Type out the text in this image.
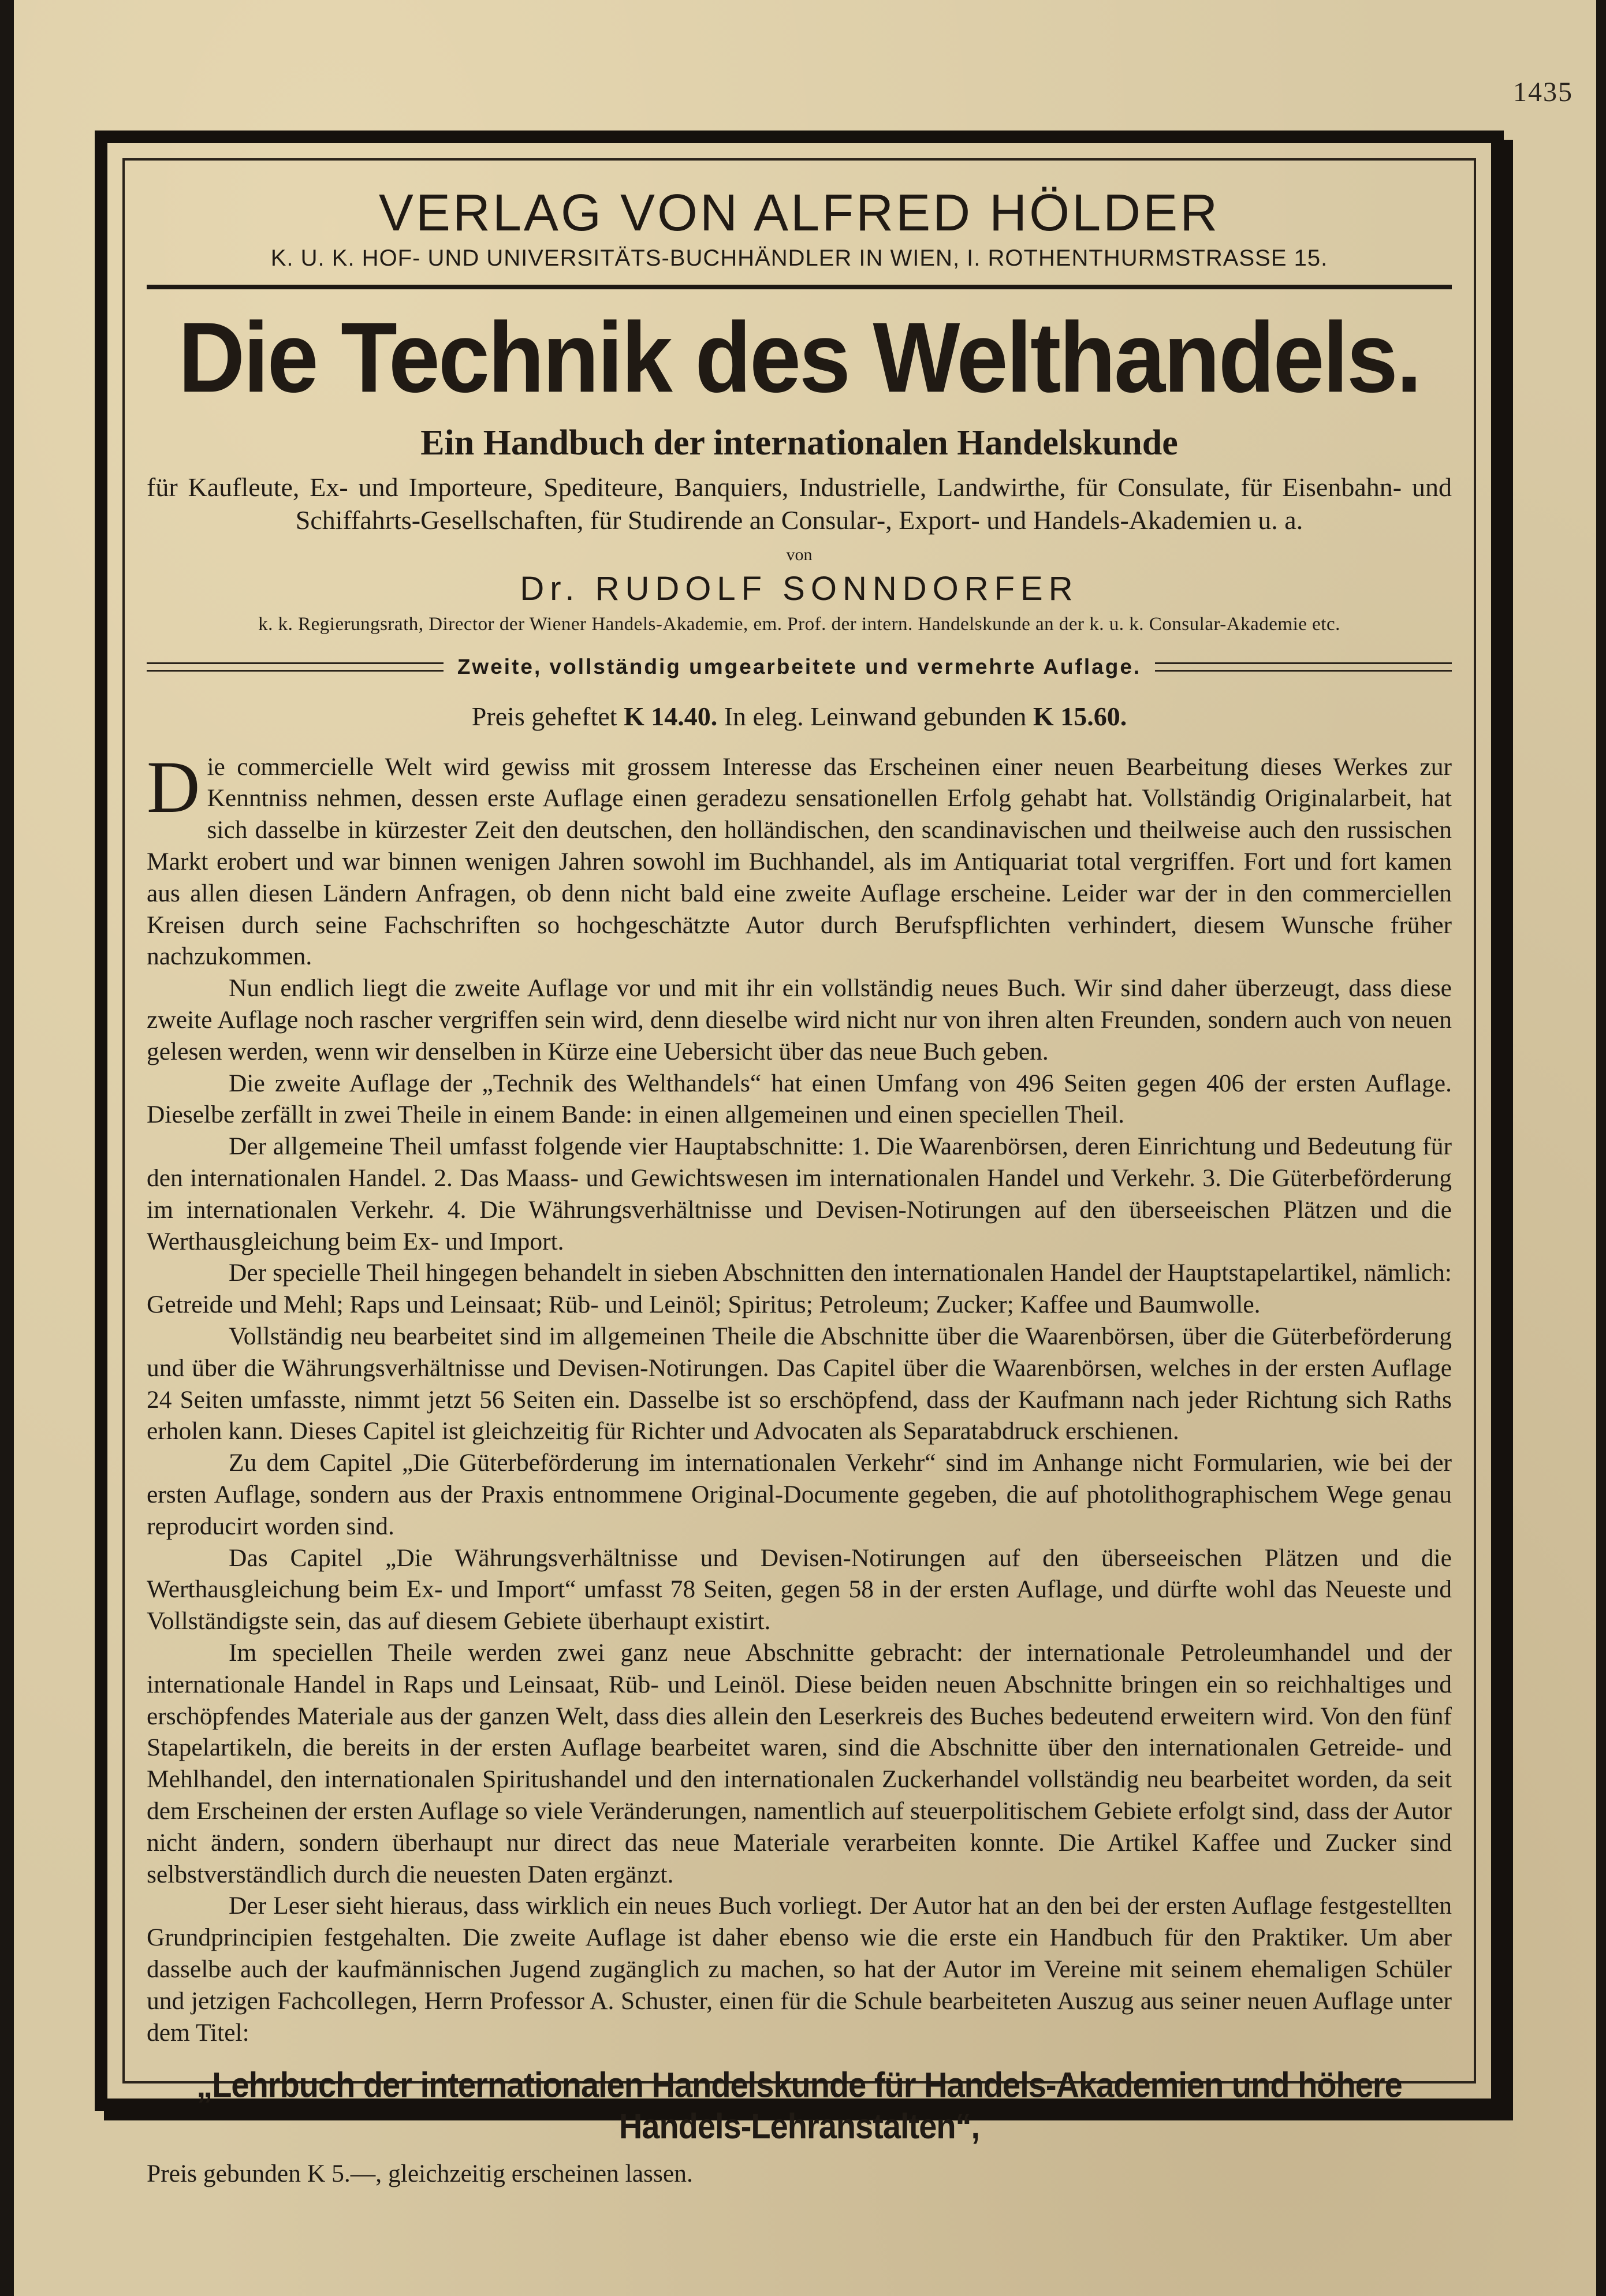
1435
VERLAG VON ALFRED HÖLDER
K. U. K. HOF- UND UNIVERSITÄTS-BUCHHÄNDLER IN WIEN, I. ROTHENTHURMSTRASSE 15.
Die Technik des Welthandels.
Ein Handbuch der internationalen Handelskunde
für Kaufleute, Ex- und Importeure, Spediteure, Banquiers, Industrielle, Landwirthe, für Consulate, für Eisenbahn- und Schiffahrts-Gesellschaften, für Studirende an Consular-, Export- und Handels-Akademien u. a.
von
Dr. RUDOLF SONNDORFER
k. k. Regierungsrath, Director der Wiener Handels-Akademie, em. Prof. der intern. Handelskunde an der k. u. k. Consular-Akademie etc.
Zweite, vollständig umgearbeitete und vermehrte Auflage.
Preis geheftet K 14.40. In eleg. Leinwand gebunden K 15.60.

Die commercielle Welt wird gewiss mit grossem Interesse das Erscheinen einer neuen Bearbeitung dieses Werkes zur Kenntniss nehmen, dessen erste Auflage einen geradezu sensationellen Erfolg gehabt hat. Vollständig Originalarbeit, hat sich dasselbe in kürzester Zeit den deutschen, den holländischen, den scandinavischen und theilweise auch den russischen Markt erobert und war binnen wenigen Jahren sowohl im Buchhandel, als im Antiquariat total vergriffen. Fort und fort kamen aus allen diesen Ländern Anfragen, ob denn nicht bald eine zweite Auflage erscheine. Leider war der in den commerciellen Kreisen durch seine Fachschriften so hochgeschätzte Autor durch Berufspflichten verhindert, diesem Wunsche früher nachzukommen.

Nun endlich liegt die zweite Auflage vor und mit ihr ein vollständig neues Buch. Wir sind daher überzeugt, dass diese zweite Auflage noch rascher vergriffen sein wird, denn dieselbe wird nicht nur von ihren alten Freunden, sondern auch von neuen gelesen werden, wenn wir denselben in Kürze eine Uebersicht über das neue Buch geben.

Die zweite Auflage der „Technik des Welthandels“ hat einen Umfang von 496 Seiten gegen 406 der ersten Auflage. Dieselbe zerfällt in zwei Theile in einem Bande: in einen allgemeinen und einen speciellen Theil.

Der allgemeine Theil umfasst folgende vier Hauptabschnitte: 1. Die Waarenbörsen, deren Einrichtung und Bedeutung für den internationalen Handel. 2. Das Maass- und Gewichtswesen im internationalen Handel und Verkehr. 3. Die Güterbeförderung im internationalen Verkehr. 4. Die Währungsverhältnisse und Devisen-Notirungen auf den überseeischen Plätzen und die Werthausgleichung beim Ex- und Import.

Der specielle Theil hingegen behandelt in sieben Abschnitten den internationalen Handel der Hauptstapelartikel, nämlich: Getreide und Mehl; Raps und Leinsaat; Rüb- und Leinöl; Spiritus; Petroleum; Zucker; Kaffee und Baumwolle.

Vollständig neu bearbeitet sind im allgemeinen Theile die Abschnitte über die Waarenbörsen, über die Güterbeförderung und über die Währungsverhältnisse und Devisen-Notirungen. Das Capitel über die Waarenbörsen, welches in der ersten Auflage 24 Seiten umfasste, nimmt jetzt 56 Seiten ein. Dasselbe ist so erschöpfend, dass der Kaufmann nach jeder Richtung sich Raths erholen kann. Dieses Capitel ist gleichzeitig für Richter und Advocaten als Separatabdruck erschienen.

Zu dem Capitel „Die Güterbeförderung im internationalen Verkehr“ sind im Anhange nicht Formularien, wie bei der ersten Auflage, sondern aus der Praxis entnommene Original-Documente gegeben, die auf photolithographischem Wege genau reproducirt worden sind.

Das Capitel „Die Währungsverhältnisse und Devisen-Notirungen auf den überseeischen Plätzen und die Werthausgleichung beim Ex- und Import“ umfasst 78 Seiten, gegen 58 in der ersten Auflage, und dürfte wohl das Neueste und Vollständigste sein, das auf diesem Gebiete überhaupt existirt.

Im speciellen Theile werden zwei ganz neue Abschnitte gebracht: der internationale Petroleumhandel und der internationale Handel in Raps und Leinsaat, Rüb- und Leinöl. Diese beiden neuen Abschnitte bringen ein so reichhaltiges und erschöpfendes Materiale aus der ganzen Welt, dass dies allein den Leserkreis des Buches bedeutend erweitern wird. Von den fünf Stapelartikeln, die bereits in der ersten Auflage bearbeitet waren, sind die Abschnitte über den internationalen Getreide- und Mehlhandel, den internationalen Spiritushandel und den internationalen Zuckerhandel vollständig neu bearbeitet worden, da seit dem Erscheinen der ersten Auflage so viele Veränderungen, namentlich auf steuerpolitischem Gebiete erfolgt sind, dass der Autor nicht ändern, sondern überhaupt nur direct das neue Materiale verarbeiten konnte. Die Artikel Kaffee und Zucker sind selbstverständlich durch die neuesten Daten ergänzt.

Der Leser sieht hieraus, dass wirklich ein neues Buch vorliegt. Der Autor hat an den bei der ersten Auflage festgestellten Grundprincipien festgehalten. Die zweite Auflage ist daher ebenso wie die erste ein Handbuch für den Praktiker. Um aber dasselbe auch der kaufmännischen Jugend zugänglich zu machen, so hat der Autor im Vereine mit seinem ehemaligen Schüler und jetzigen Fachcollegen, Herrn Professor A. Schuster, einen für die Schule bearbeiteten Auszug aus seiner neuen Auflage unter dem Titel:

„Lehrbuch der internationalen Handelskunde für Handels-Akademien und höhere Handels-Lehranstalten“,
Preis gebunden K 5.—, gleichzeitig erscheinen lassen.
